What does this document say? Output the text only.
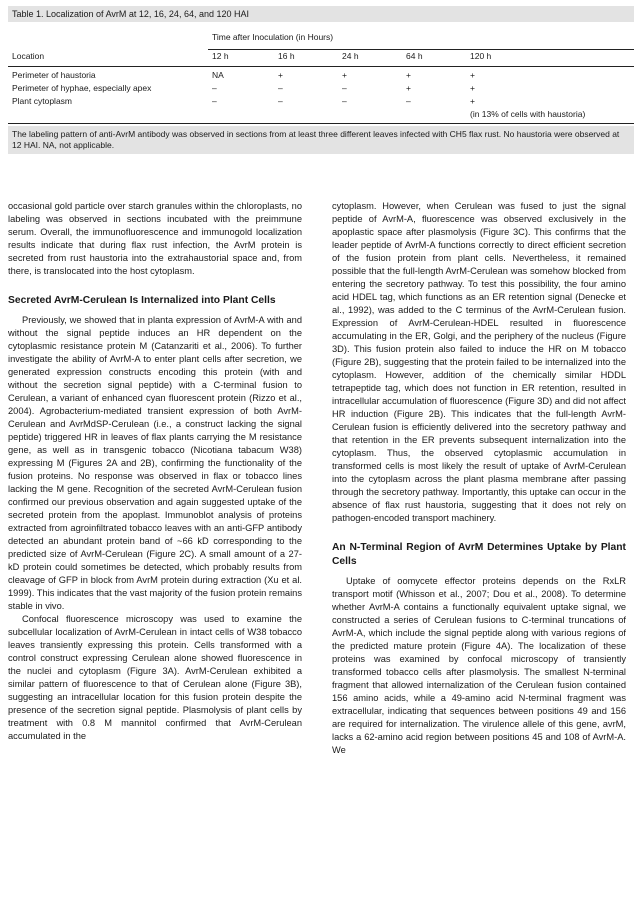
Table 1. Localization of AvrM at 12, 16, 24, 64, and 120 HAI
	Time after Inoculation (in Hours)				
Location	12 h	16 h	24 h	64 h	120 h
Perimeter of haustoria	NA	+	+	+	+
Perimeter of hyphae, especially apex	–	–	–	+	+
Plant cytoplasm	–	–	–	–	+
					(in 13% of cells with haustoria)
The labeling pattern of anti-AvrM antibody was observed in sections from at least three different leaves infected with CH5 flax rust. No haustoria were observed at 12 HAI. NA, not applicable.

occasional gold particle over starch granules within the chloroplasts, no labeling was observed in sections incubated with the preimmune serum. Overall, the immunofluorescence and immunogold localization results indicate that during flax rust infection, the AvrM protein is secreted from rust haustoria into the extrahaustorial space and, from there, is translocated into the host cytoplasm.

Secreted AvrM-Cerulean Is Internalized into Plant Cells

Previously, we showed that in planta expression of AvrM-A with and without the signal peptide induces an HR dependent on the cytoplasmic resistance protein M (Catanzariti et al., 2006). To further investigate the ability of AvrM-A to enter plant cells after secretion, we generated expression constructs encoding this protein (with and without the secretion signal peptide) with a C-terminal fusion to Cerulean, a variant of enhanced cyan fluorescent protein (Rizzo et al., 2004). Agrobacterium-mediated transient expression of both AvrM-Cerulean and AvrMdSP-Cerulean (i.e., a construct lacking the signal peptide) triggered HR in leaves of flax plants carrying the M resistance gene, as well as in transgenic tobacco (Nicotiana tabacum W38) expressing M (Figures 2A and 2B), confirming the functionality of the fusion proteins. No response was observed in flax or tobacco lines lacking the M gene. Recognition of the secreted AvrM-Cerulean fusion confirmed our previous observation and again suggested uptake of the secreted protein from the apoplast. Immunoblot analysis of proteins extracted from agroinfiltrated tobacco leaves with an anti-GFP antibody detected an abundant protein band of ~66 kD corresponding to the predicted size of AvrM-Cerulean (Figure 2C). A small amount of a 27-kD protein could sometimes be detected, which probably results from cleavage of GFP in block from AvrM protein during extraction (Xu et al. 1999). This indicates that the vast majority of the fusion protein remains stable in vivo.

Confocal fluorescence microscopy was used to examine the subcellular localization of AvrM-Cerulean in intact cells of W38 tobacco leaves transiently expressing this protein. Cells transformed with a control construct expressing Cerulean alone showed fluorescence in the nuclei and cytoplasm (Figure 3A). AvrM-Cerulean exhibited a similar pattern of fluorescence to that of Cerulean alone (Figure 3B), suggesting an intracellular location for this fusion protein despite the presence of the secretion signal peptide. Plasmolysis of plant cells by treatment with 0.8 M mannitol confirmed that AvrM-Cerulean accumulated in the

cytoplasm. However, when Cerulean was fused to just the signal peptide of AvrM-A, fluorescence was observed exclusively in the apoplastic space after plasmolysis (Figure 3C). This confirms that the leader peptide of AvrM-A functions correctly to direct efficient secretion of the fusion protein from plant cells. Nevertheless, it remained possible that the full-length AvrM-Cerulean was somehow blocked from entering the secretory pathway. To test this possibility, the four amino acid HDEL tag, which functions as an ER retention signal (Denecke et al., 1992), was added to the C terminus of the AvrM-Cerulean fusion. Expression of AvrM-Cerulean-HDEL resulted in fluorescence accumulating in the ER, Golgi, and the periphery of the nucleus (Figure 3D). This fusion protein also failed to induce the HR on M tobacco (Figure 2B), suggesting that the protein failed to be internalized into the cytoplasm. However, addition of the chemically similar HDDL tetrapeptide tag, which does not function in ER retention, resulted in intracellular accumulation of fluorescence (Figure 3D) and did not affect HR induction (Figure 2B). This indicates that the full-length AvrM-Cerulean fusion is efficiently delivered into the secretory pathway and that retention in the ER prevents subsequent internalization into the cytoplasm. Thus, the observed cytoplasmic accumulation in transformed cells is most likely the result of uptake of AvrM-Cerulean into the cytoplasm across the plant plasma membrane after passing through the secretory pathway. Importantly, this uptake can occur in the absence of flax rust haustoria, suggesting that it does not rely on pathogen-encoded transport machinery.

An N-Terminal Region of AvrM Determines Uptake by Plant Cells

Uptake of oomycete effector proteins depends on the RxLR transport motif (Whisson et al., 2007; Dou et al., 2008). To determine whether AvrM-A contains a functionally equivalent uptake signal, we constructed a series of Cerulean fusions to C-terminal truncations of AvrM-A, which include the signal peptide along with various regions of the predicted mature protein (Figure 4A). The localization of these proteins was examined by confocal microscopy of transiently transformed tobacco cells after plasmolysis. The smallest N-terminal fragment that allowed internalization of the Cerulean fusion contained 156 amino acids, while a 49-amino acid N-terminal fragment was extracellular, indicating that sequences between positions 49 and 156 are required for internalization. The virulence allele of this gene, avrM, lacks a 62-amino acid region between positions 45 and 108 of AvrM-A. We
